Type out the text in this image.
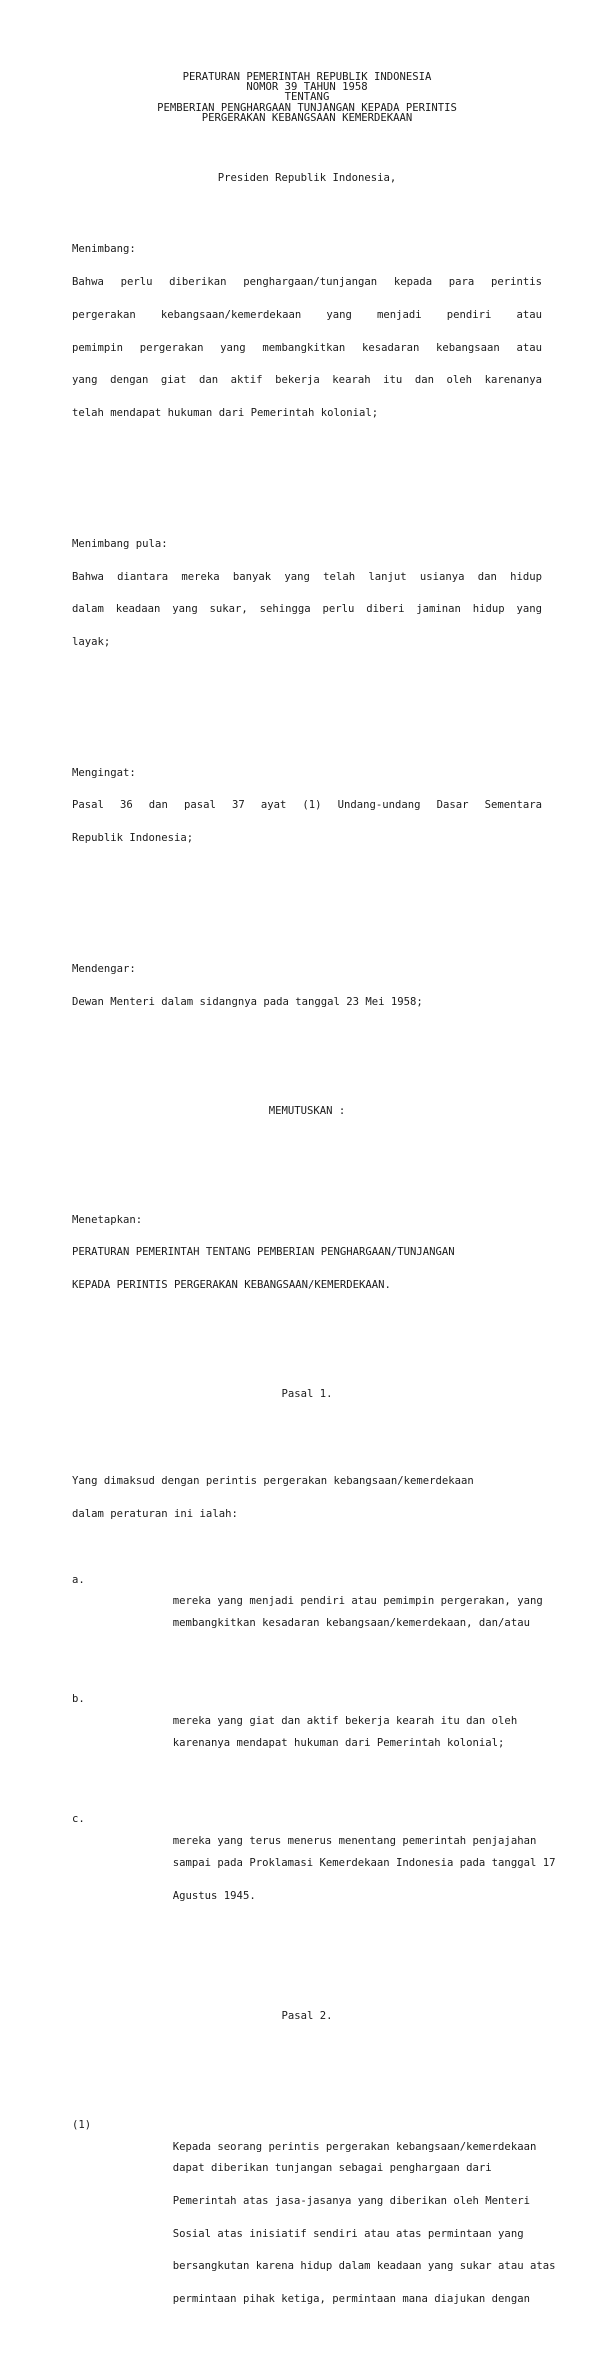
PERATURAN PEMERINTAH REPUBLIK INDONESIA
NOMOR 39 TAHUN 1958
TENTANG
PEMBERIAN PENGHARGAAN TUNJANGAN KEPADA PERINTIS
PERGERAKAN KEBANGSAAN KEMERDEKAAN

Presiden Republik Indonesia,

Menimbang:

Bahwa perlu diberikan penghargaan/tunjangan kepada para perintis

pergerakan kebangsaan/kemerdekaan yang menjadi pendiri atau

pemimpin pergerakan yang membangkitkan kesadaran kebangsaan atau

yang dengan giat dan aktif bekerja kearah itu dan oleh karenanya

telah mendapat hukuman dari Pemerintah kolonial;

Menimbang pula:

Bahwa diantara mereka banyak yang telah lanjut usianya dan hidup

dalam keadaan yang sukar, sehingga perlu diberi jaminan hidup yang

layak;

Mengingat:

Pasal 36 dan pasal 37 ayat (1) Undang-undang Dasar Sementara

Republik Indonesia;

Mendengar:

Dewan Menteri dalam sidangnya pada tanggal 23 Mei 1958;

MEMUTUSKAN :

Menetapkan:

PERATURAN PEMERINTAH TENTANG PEMBERIAN PENGHARGAAN/TUNJANGAN

KEPADA PERINTIS PERGERAKAN KEBANGSAAN/KEMERDEKAAN.

Pasal 1.

Yang dimaksud dengan perintis pergerakan kebangsaan/kemerdekaan

dalam peraturan ini ialah:

a.

mereka yang menjadi pendiri atau pemimpin pergerakan, yang

membangkitkan kesadaran kebangsaan/kemerdekaan, dan/atau

b.

mereka yang giat dan aktif bekerja kearah itu dan oleh

karenanya mendapat hukuman dari Pemerintah kolonial;

c.

mereka yang terus menerus menentang pemerintah penjajahan

sampai pada Proklamasi Kemerdekaan Indonesia pada tanggal 17

Agustus 1945.

Pasal 2.

(1)

Kepada seorang perintis pergerakan kebangsaan/kemerdekaan

dapat diberikan tunjangan sebagai penghargaan dari

Pemerintah atas jasa-jasanya yang diberikan oleh Menteri

Sosial atas inisiatif sendiri atau atas permintaan yang

bersangkutan karena hidup dalam keadaan yang sukar atau atas

permintaan pihak ketiga, permintaan mana diajukan dengan
